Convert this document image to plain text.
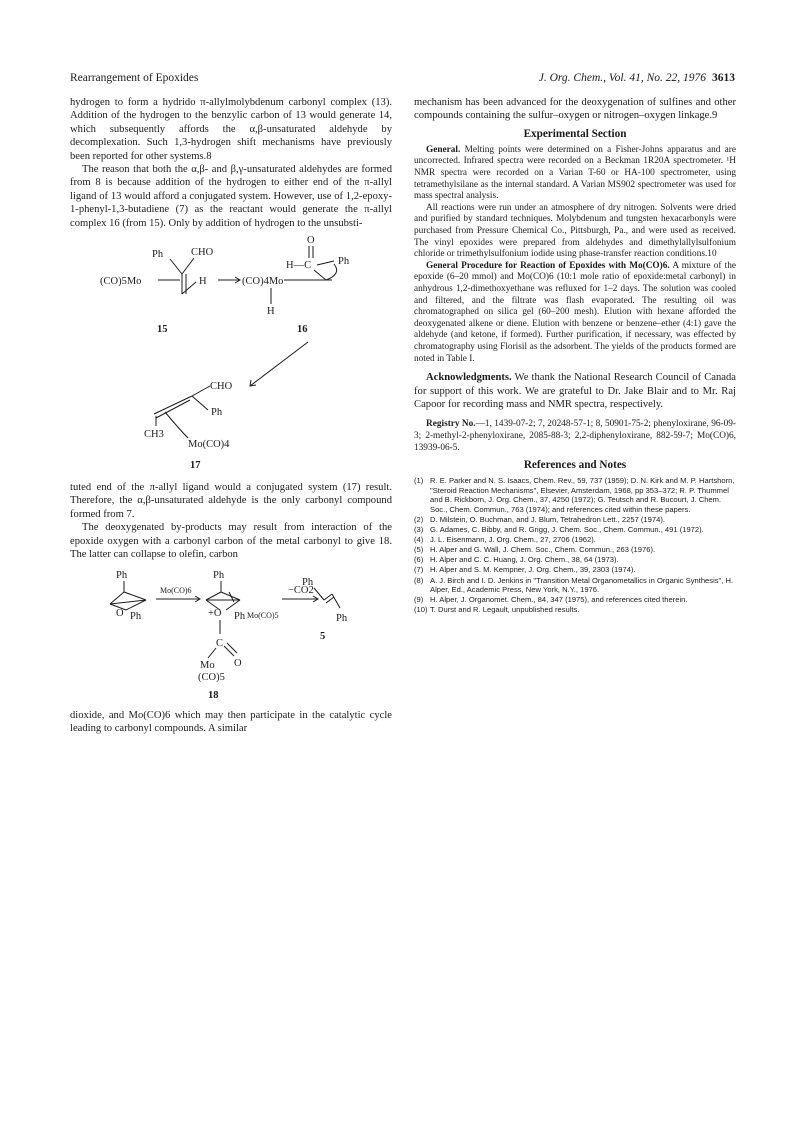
Rearrangement of Epoxides	J. Org. Chem., Vol. 41, No. 22, 1976 3613

hydrogen to form a hydrido π-allylmolybdenum carbonyl complex (13). Addition of the hydrogen to the benzylic carbon of 13 would generate 14, which subsequently affords the α,β-unsaturated aldehyde by decomplexation. Such 1,3-hydrogen shift mechanisms have previously been reported for other systems.8

The reason that both the α,β- and β,γ-unsaturated aldehydes are formed from 8 is because addition of the hydrogen to either end of the π-allyl ligand of 13 would afford a conjugated system. However, use of 1,2-epoxy-1-phenyl-1,3-butadiene (7) as the reactant would generate the π-allyl complex 16 (from 15). Only by addition of hydrogen to the unsubsti-

Ph	CHO
(CO)5Mo	H	(CO)4Mo
O
H—C	Ph
H
15	16
CHO
Ph
CH3
Mo(CO)4
17

tuted end of the π-allyl ligand would a conjugated system (17) result. Therefore, the α,β-unsaturated aldehyde is the only carbonyl compound formed from 7.

The deoxygenated by-products may result from interaction of the epoxide oxygen with a carbonyl carbon of the metal carbonyl to give 18. The latter can collapse to olefin, carbon

Ph
O Ph
Mo(CO)6
Ph
+O Ph Mo(CO)5
C
Mo O
(CO)5
18
−CO2
Ph
Ph
5

dioxide, and Mo(CO)6 which may then participate in the catalytic cycle leading to carbonyl compounds. A similar

mechanism has been advanced for the deoxygenation of sulfines and other compounds containing the sulfur–oxygen or nitrogen–oxygen linkage.9

Experimental Section

General. Melting points were determined on a Fisher-Johns apparatus and are uncorrected. Infrared spectra were recorded on a Beckman 1R20A spectrometer. ¹H NMR spectra were recorded on a Varian T-60 or HA-100 spectrometer, using tetramethylsilane as the internal standard. A Varian MS902 spectrometer was used for mass spectral analysis.

All reactions were run under an atmosphere of dry nitrogen. Solvents were dried and purified by standard techniques. Molybdenum and tungsten hexacarbonyls were purchased from Pressure Chemical Co., Pittsburgh, Pa., and were used as received. The vinyl epoxides were prepared from aldehydes and dimethylallylsulfonium chloride or trimethylsulfonium iodide using phase-transfer reaction conditions.10

General Procedure for Reaction of Epoxides with Mo(CO)6. A mixture of the epoxide (6–20 mmol) and Mo(CO)6 (10:1 mole ratio of epoxide:metal carbonyl) in anhydrous 1,2-dimethoxyethane was refluxed for 1–2 days. The solution was cooled and filtered, and the filtrate was flash evaporated. The resulting oil was chromatographed on silica gel (60–200 mesh). Elution with hexane afforded the deoxygenated alkene or diene. Elution with benzene or benzene–ether (4:1) gave the aldehyde (and ketone, if formed). Further purification, if necessary, was effected by chromatography using Florisil as the adsorbent. The yields of the products formed are noted in Table I.

Acknowledgments. We thank the National Research Council of Canada for support of this work. We are grateful to Dr. Jake Blair and to Mr. Raj Capoor for recording mass and NMR spectra, respectively.

Registry No.—1, 1439-07-2; 7, 20248-57-1; 8, 50901-75-2; phenyloxirane, 96-09-3; 2-methyl-2-phenyloxirane, 2085-88-3; 2,2-diphenyloxirane, 882-59-7; Mo(CO)6, 13939-06-5.

References and Notes
(1) R. E. Parker and N. S. Isaacs, Chem. Rev., 59, 737 (1959); D. N. Kirk and M. P. Hartshorn, "Steroid Reaction Mechanisms", Elsevier, Amsterdam, 1968, pp 353–372; R. P. Thummel and B. Rickborn, J. Org. Chem., 37, 4250 (1972); G. Teutsch and R. Bucourt, J. Chem. Soc., Chem. Commun., 763 (1974); and references cited within these papers.
(2) D. Milstein, O. Buchman, and J. Blum, Tetrahedron Lett., 2257 (1974).
(3) G. Adames, C. Bibby, and R. Grigg, J. Chem. Soc., Chem. Commun., 491 (1972).
(4) J. L. Eisenmann, J. Org. Chem., 27, 2706 (1962).
(5) H. Alper and G. Wall, J. Chem. Soc., Chem. Commun., 263 (1976).
(6) H. Alper and C. C. Huang, J. Org. Chem., 38, 64 (1973).
(7) H. Alper and S. M. Kempner, J. Org. Chem., 39, 2303 (1974).
(8) A. J. Birch and I. D. Jenkins in "Transition Metal Organometallics in Organic Synthesis", H. Alper, Ed., Academic Press, New York, N.Y., 1976.
(9) H. Alper, J. Organomet. Chem., 84, 347 (1975), and references cited therein.
(10) T. Durst and R. Legault, unpublished results.
